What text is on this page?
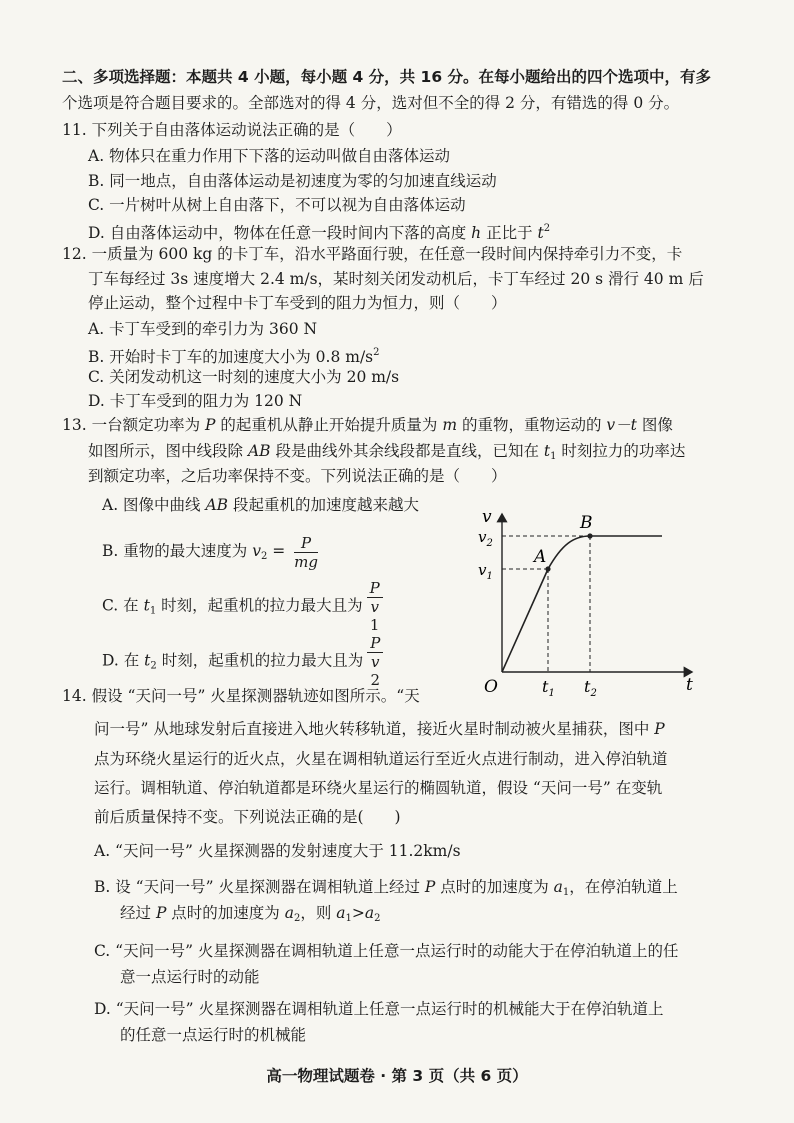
二、多项选择题：本题共 4 小题，每小题 4 分，共 16 分。在每小题给出的四个选项中，有多
个选项是符合题目要求的。全部选对的得 4 分，选对但不全的得 2 分，有错选的得 0 分。
11. 下列关于自由落体运动说法正确的是（　　）
A. 物体只在重力作用下下落的运动叫做自由落体运动
B. 同一地点，自由落体运动是初速度为零的匀加速直线运动
C. 一片树叶从树上自由落下，不可以视为自由落体运动
D. 自由落体运动中，物体在任意一段时间内下落的高度 h 正比于 $t^2$
12. 一质量为 600 kg 的卡丁车，沿水平路面行驶，在任意一段时间内保持牵引力不变，卡
丁车每经过 3s 速度增大 2.4 m/s，某时刻关闭发动机后，卡丁车经过 20 s 滑行 40 m 后
停止运动，整个过程中卡丁车受到的阻力为恒力，则（　　）
A. 卡丁车受到的牵引力为 360 N
B. 开始时卡丁车的加速度大小为 0.8 $m/s^2$
C. 关闭发动机这一时刻的速度大小为 20 m/s
D. 卡丁车受到的阻力为 120 N
13. 一台额定功率为 P 的起重机从静止开始提升质量为 m 的重物，重物运动的 v－t 图像
如图所示，图中线段除 AB 段是曲线外其余线段都是直线，已知在 $t_1$ 时刻拉力的功率达
到额定功率，之后功率保持不变。下列说法正确的是（　　）
A. 图像中曲线 AB 段起重机的加速度越来越大
B. 重物的最大速度为 $v_2 = \frac{P}{mg}$
C. 在 $t_1$ 时刻，起重机的拉力最大且为 P
v
1
D. 在 $t_2$ 时刻，起重机的拉力最大且为 P
v
2
v
t
O
A
B
$v_2$
$v_1$
$t_1$ $t_2$
14. 假设 “天问一号” 火星探测器轨迹如图所示。“天
问一号” 从地球发射后直接进入地火转移轨道，接近火星时制动被火星捕获，图中 P
点为环绕火星运行的近火点，火星在调相轨道运行至近火点进行制动，进入停泊轨道
运行。调相轨道、停泊轨道都是环绕火星运行的椭圆轨道，假设 “天问一号” 在变轨
前后质量保持不变。下列说法正确的是(　　)
A. “天问一号” 火星探测器的发射速度大于 11.2km/s
B. 设 “天问一号” 火星探测器在调相轨道上经过 P 点时的加速度为 $a_1$，在停泊轨道上
经过 P 点时的加速度为 $a_2$，则 $a_1>a_2$
C. “天问一号” 火星探测器在调相轨道上任意一点运行时的动能大于在停泊轨道上的任
意一点运行时的动能
D. “天问一号” 火星探测器在调相轨道上任意一点运行时的机械能大于在停泊轨道上
的任意一点运行时的机械能
高一物理试题卷 · 第 3 页（共 6 页）
